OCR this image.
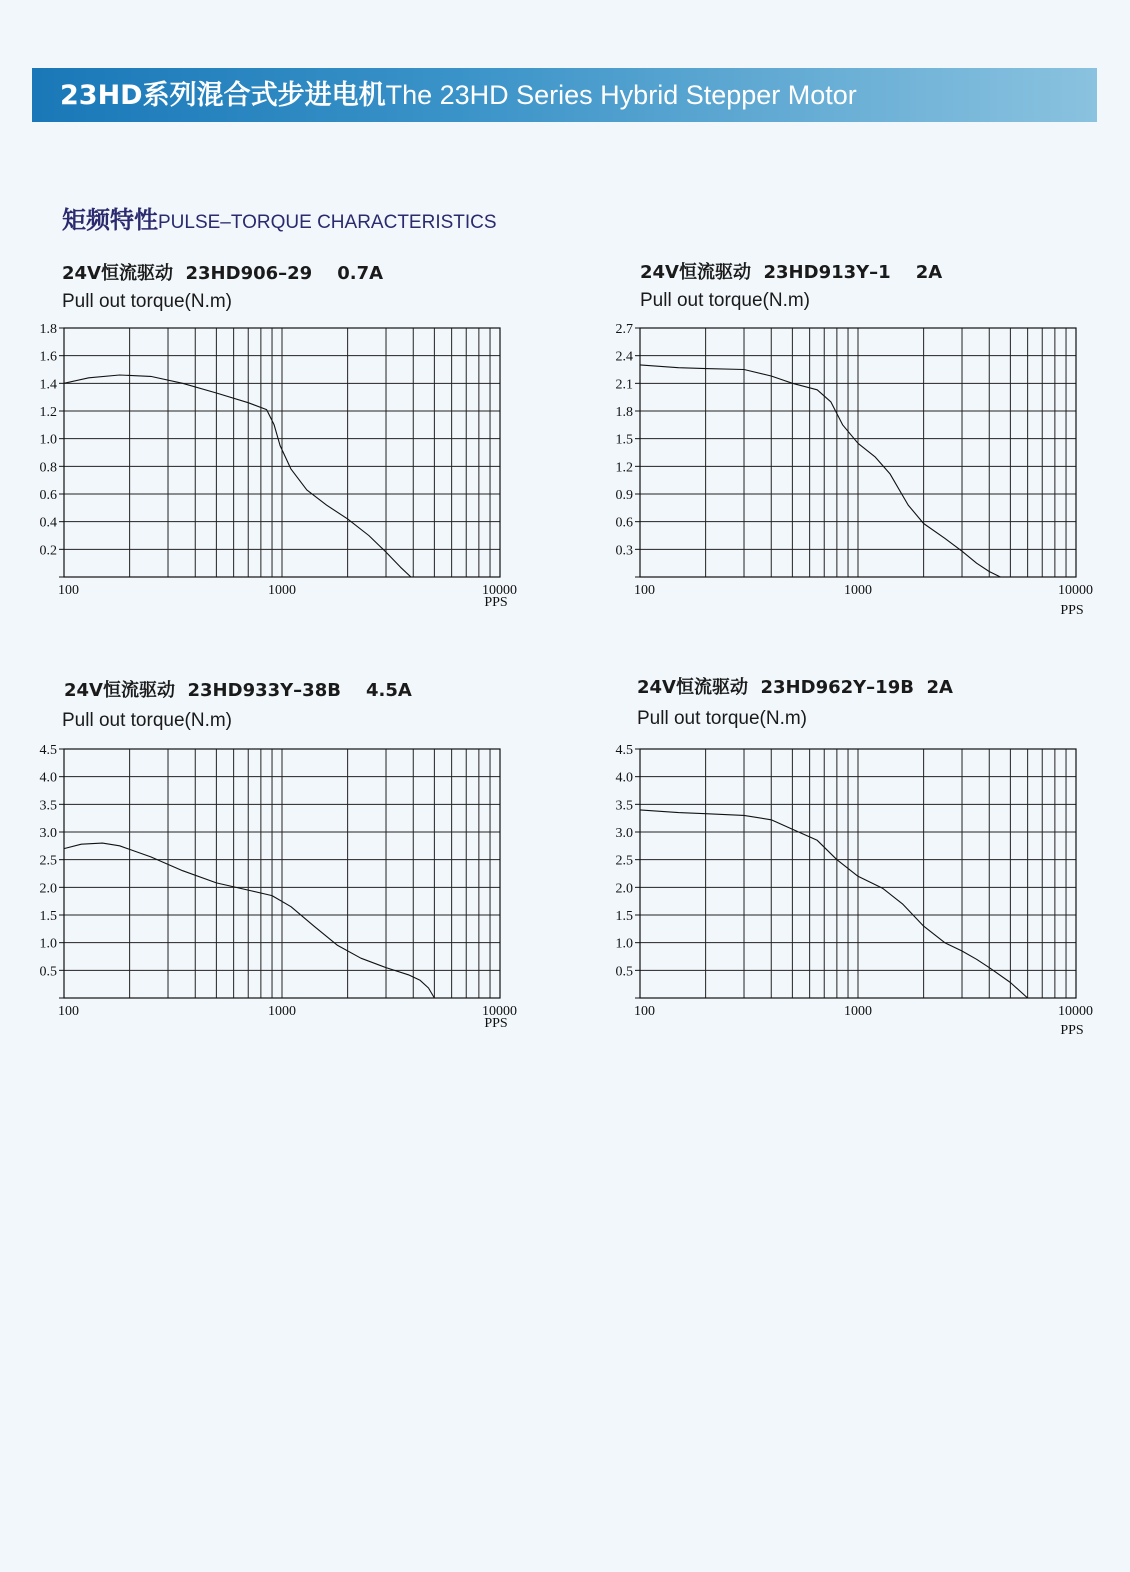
23HD系列混合式步进电机The 23HD Series Hybrid Stepper Motor
矩频特性PULSE–TORQUE CHARACTERISTICS
24V恒流驱动  23HD906–29    0.7A
Pull out torque(N.m)
0.2
0.4
0.6
0.8
1.0
1.2
1.4
1.6
1.8
100	1000	10000
PPS
24V恒流驱动  23HD913Y–1    2A
Pull out torque(N.m)
0.3
0.6
0.9
1.2
1.5
1.8
2.1
2.4
2.7
100	1000	10000
PPS
24V恒流驱动  23HD933Y–38B    4.5A
Pull out torque(N.m)
0.5
1.0
1.5
2.0
2.5
3.0
3.5
4.0
4.5
100	1000	10000
PPS
24V恒流驱动  23HD962Y–19B  2A
Pull out torque(N.m)
0.5
1.0
1.5
2.0
2.5
3.0
3.5
4.0
4.5
100	1000	10000
PPS
